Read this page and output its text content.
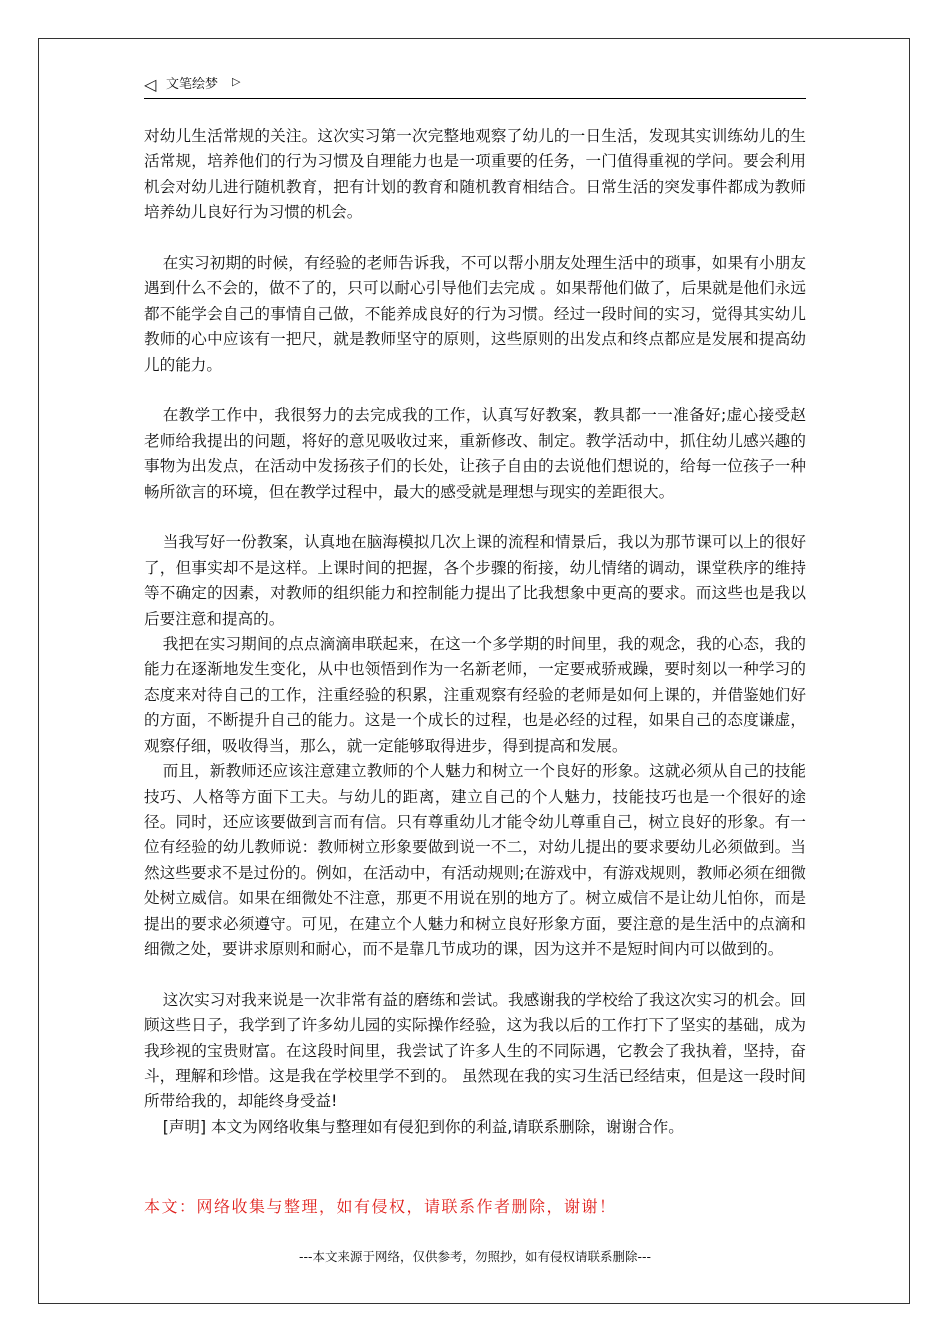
◁ 文笔绘梦 ▷

对幼儿生活常规的关注。这次实习第一次完整地观察了幼儿的一日生活，发现其实训练幼儿的生活常规，培养他们的行为习惯及自理能力也是一项重要的任务，一门值得重视的学问。要会利用机会对幼儿进行随机教育，把有计划的教育和随机教育相结合。日常生活的突发事件都成为教师培养幼儿良好行为习惯的机会。

在实习初期的时候，有经验的老师告诉我，不可以帮小朋友处理生活中的琐事，如果有小朋友遇到什么不会的，做不了的，只可以耐心引导他们去完成 。如果帮他们做了，后果就是他们永远都不能学会自己的事情自己做，不能养成良好的行为习惯。经过一段时间的实习，觉得其实幼儿教师的心中应该有一把尺，就是教师坚守的原则，这些原则的出发点和终点都应是发展和提高幼儿的能力。

在教学工作中，我很努力的去完成我的工作，认真写好教案，教具都一一准备好;虚心接受赵老师给我提出的问题，将好的意见吸收过来，重新修改、制定。教学活动中，抓住幼儿感兴趣的事物为出发点，在活动中发扬孩子们的长处，让孩子自由的去说他们想说的，给每一位孩子一种畅所欲言的环境，但在教学过程中，最大的感受就是理想与现实的差距很大。

当我写好一份教案，认真地在脑海模拟几次上课的流程和情景后，我以为那节课可以上的很好了，但事实却不是这样。上课时间的把握，各个步骤的衔接，幼儿情绪的调动，课堂秩序的维持等不确定的因素，对教师的组织能力和控制能力提出了比我想象中更高的要求。而这些也是我以后要注意和提高的。

我把在实习期间的点点滴滴串联起来，在这一个多学期的时间里，我的观念，我的心态，我的能力在逐渐地发生变化，从中也领悟到作为一名新老师，一定要戒骄戒躁，要时刻以一种学习的态度来对待自己的工作，注重经验的积累，注重观察有经验的老师是如何上课的，并借鉴她们好的方面，不断提升自己的能力。这是一个成长的过程，也是必经的过程，如果自己的态度谦虚，观察仔细，吸收得当，那么，就一定能够取得进步，得到提高和发展。

而且，新教师还应该注意建立教师的个人魅力和树立一个良好的形象。这就必须从自己的技能技巧、人格等方面下工夫。与幼儿的距离，建立自己的个人魅力，技能技巧也是一个很好的途径。同时，还应该要做到言而有信。只有尊重幼儿才能令幼儿尊重自己，树立良好的形象。有一位有经验的幼儿教师说：教师树立形象要做到说一不二，对幼儿提出的要求要幼儿必须做到。当然这些要求不是过份的。例如，在活动中，有活动规则;在游戏中，有游戏规则，教师必须在细微处树立威信。如果在细微处不注意，那更不用说在别的地方了。树立威信不是让幼儿怕你，而是提出的要求必须遵守。可见，在建立个人魅力和树立良好形象方面，要注意的是生活中的点滴和细微之处，要讲求原则和耐心，而不是靠几节成功的课，因为这并不是短时间内可以做到的。

这次实习对我来说是一次非常有益的磨练和尝试。我感谢我的学校给了我这次实习的机会。回顾这些日子，我学到了许多幼儿园的实际操作经验，这为我以后的工作打下了坚实的基础，成为我珍视的宝贵财富。在这段时间里，我尝试了许多人生的不同际遇，它教会了我执着，坚持，奋斗，理解和珍惜。这是我在学校里学不到的。 虽然现在我的实习生活已经结束，但是这一段时间所带给我的，却能终身受益!

[声明] 本文为网络收集与整理如有侵犯到你的利益,请联系删除，谢谢合作。

本文：网络收集与整理，如有侵权，请联系作者删除，谢谢！
---本文来源于网络，仅供参考，勿照抄，如有侵权请联系删除---
